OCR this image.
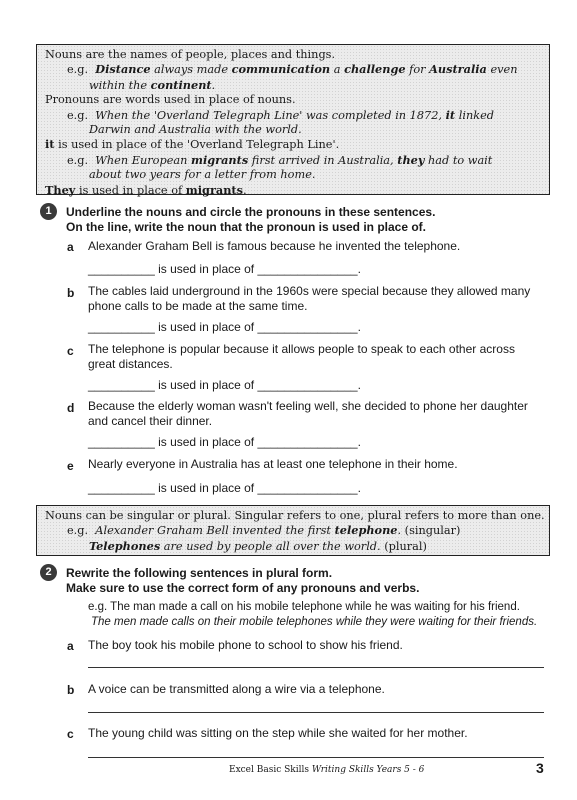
Nouns are the names of people, places and things.
e.g. Distance always made communication a challenge for Australia even
within the continent.
Pronouns are words used in place of nouns.
e.g. When the 'Overland Telegraph Line' was completed in 1872, it linked
Darwin and Australia with the world.
it is used in place of the 'Overland Telegraph Line'.
e.g. When European migrants first arrived in Australia, they had to wait
about two years for a letter from home.
They is used in place of migrants.
1	Underline the nouns and circle the pronouns in these sentences.
On the line, write the noun that the pronoun is used in place of.
a Alexander Graham Bell is famous because he invented the telephone.
__________ is used in place of _______________.
b The cables laid underground in the 1960s were special because they allowed many
phone calls to be made at the same time.
__________ is used in place of _______________.
c The telephone is popular because it allows people to speak to each other across
great distances.
__________ is used in place of _______________.
d Because the elderly woman wasn't feeling well, she decided to phone her daughter
and cancel their dinner.
__________ is used in place of _______________.
e Nearly everyone in Australia has at least one telephone in their home.
__________ is used in place of _______________.
Nouns can be singular or plural. Singular refers to one, plural refers to more than one.
e.g. Alexander Graham Bell invented the first telephone. (singular)
Telephones are used by people all over the world. (plural)
2	Rewrite the following sentences in plural form.
Make sure to use the correct form of any pronouns and verbs.
e.g. The man made a call on his mobile telephone while he was waiting for his friend.
The men made calls on their mobile telephones while they were waiting for their friends.
a The boy took his mobile phone to school to show his friend.
b A voice can be transmitted along a wire via a telephone.
c The young child was sitting on the step while she waited for her mother.
Excel Basic Skills Writing Skills Years 5 - 6	3
